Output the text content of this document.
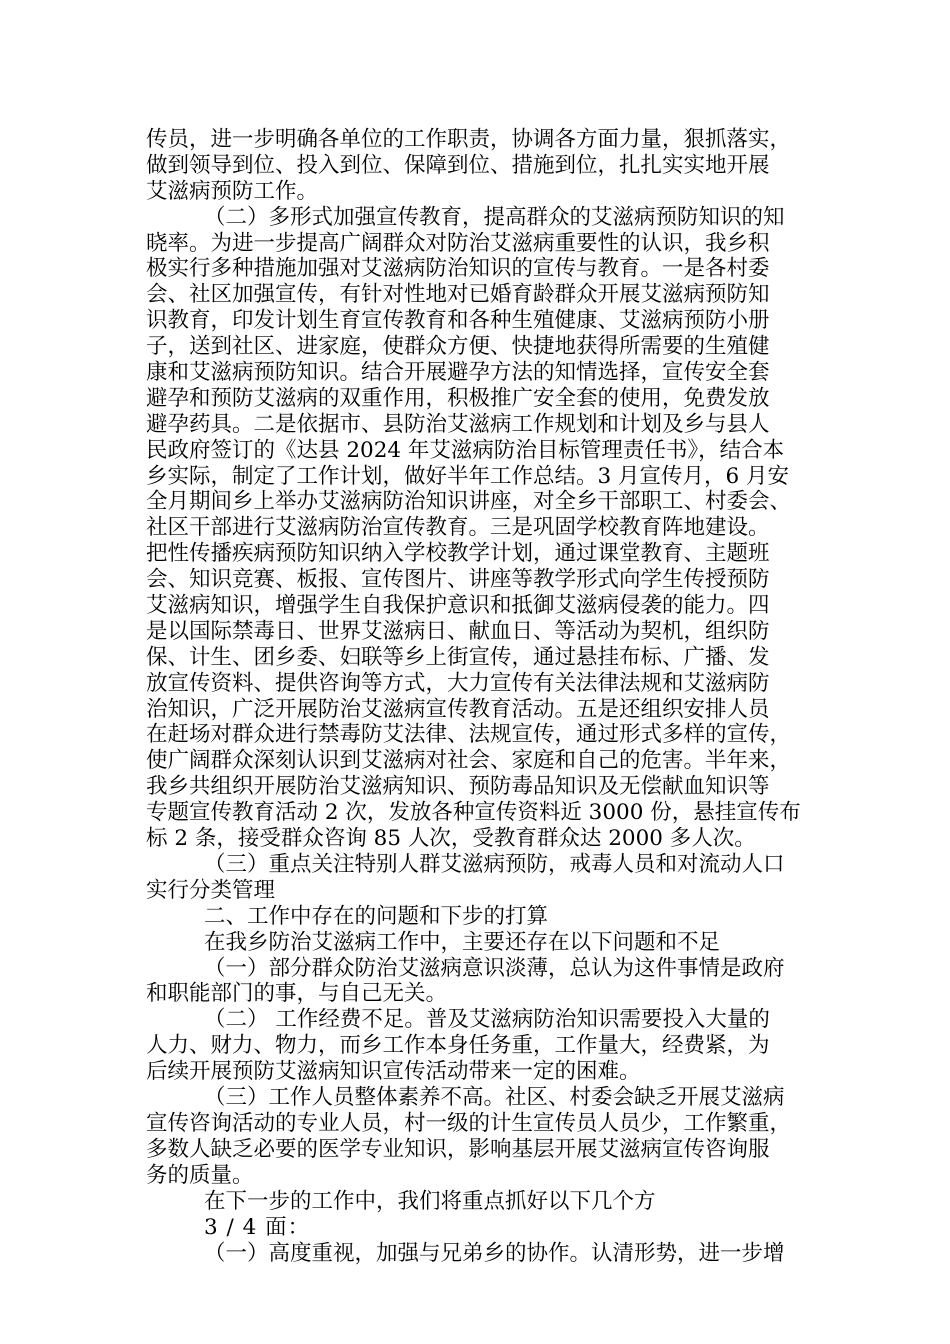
传员，进一步明确各单位的工作职责，协调各方面力量，狠抓落实，
做到领导到位、投入到位、保障到位、措施到位，扎扎实实地开展
艾滋病预防工作。
（二）多形式加强宣传教育，提高群众的艾滋病预防知识的知
晓率。为进一步提高广阔群众对防治艾滋病重要性的认识，我乡积
极实行多种措施加强对艾滋病防治知识的宣传与教育。一是各村委
会、社区加强宣传，有针对性地对已婚育龄群众开展艾滋病预防知
识教育，印发计划生育宣传教育和各种生殖健康、艾滋病预防小册
子，送到社区、进家庭，使群众方便、快捷地获得所需要的生殖健
康和艾滋病预防知识。结合开展避孕方法的知情选择，宣传安全套
避孕和预防艾滋病的双重作用，积极推广安全套的使用，免费发放
避孕药具。二是依据市、县防治艾滋病工作规划和计划及乡与县人
民政府签订的《达县 2024 年艾滋病防治目标管理责任书》，结合本
乡实际，制定了工作计划，做好半年工作总结。3 月宣传月，6 月安
全月期间乡上举办艾滋病防治知识讲座，对全乡干部职工、村委会、
社区干部进行艾滋病防治宣传教育。三是巩固学校教育阵地建设。
把性传播疾病预防知识纳入学校教学计划，通过课堂教育、主题班
会、知识竞赛、板报、宣传图片、讲座等教学形式向学生传授预防
艾滋病知识，增强学生自我保护意识和抵御艾滋病侵袭的能力。四
是以国际禁毒日、世界艾滋病日、献血日、等活动为契机，组织防
保、计生、团乡委、妇联等乡上街宣传，通过悬挂布标、广播、发
放宣传资料、提供咨询等方式，大力宣传有关法律法规和艾滋病防
治知识，广泛开展防治艾滋病宣传教育活动。五是还组织安排人员
在赶场对群众进行禁毒防艾法律、法规宣传，通过形式多样的宣传，
使广阔群众深刻认识到艾滋病对社会、家庭和自己的危害。半年来，
我乡共组织开展防治艾滋病知识、预防毒品知识及无偿献血知识等
专题宣传教育活动 2 次，发放各种宣传资料近 3000 份，悬挂宣传布
标 2 条，接受群众咨询 85 人次，受教育群众达 2000 多人次。
（三）重点关注特别人群艾滋病预防，戒毒人员和对流动人口
实行分类管理
二、工作中存在的问题和下步的打算
在我乡防治艾滋病工作中，主要还存在以下问题和不足
（一）部分群众防治艾滋病意识淡薄，总认为这件事情是政府
和职能部门的事，与自己无关。
（二） 工作经费不足。普及艾滋病防治知识需要投入大量的
人力、财力、物力，而乡工作本身任务重，工作量大，经费紧，为
后续开展预防艾滋病知识宣传活动带来一定的困难。
（三）工作人员整体素养不高。社区、村委会缺乏开展艾滋病
宣传咨询活动的专业人员，村一级的计生宣传员人员少，工作繁重，
多数人缺乏必要的医学专业知识，影响基层开展艾滋病宣传咨询服
务的质量。
在下一步的工作中，我们将重点抓好以下几个方
3 / 4 面：
（一）高度重视，加强与兄弟乡的协作。认清形势，进一步增
